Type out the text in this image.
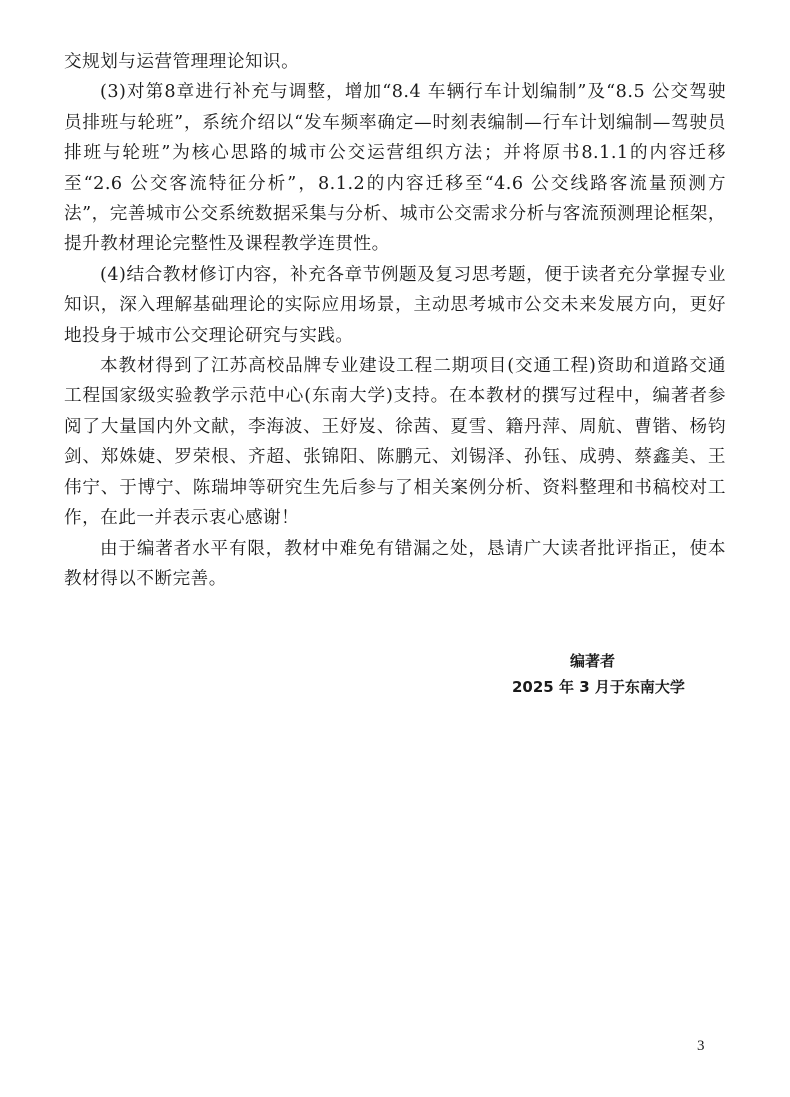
交规划与运营管理理论知识。

(3)对第8章进行补充与调整，增加“8.4 车辆行车计划编制”及“8.5 公交驾驶员排班与轮班”，系统介绍以“发车频率确定—时刻表编制—行车计划编制—驾驶员排班与轮班”为核心思路的城市公交运营组织方法；并将原书8.1.1的内容迁移至“2.6 公交客流特征分析”，8.1.2的内容迁移至“4.6 公交线路客流量预测方法”，完善城市公交系统数据采集与分析、城市公交需求分析与客流预测理论框架，提升教材理论完整性及课程教学连贯性。

(4)结合教材修订内容，补充各章节例题及复习思考题，便于读者充分掌握专业知识，深入理解基础理论的实际应用场景，主动思考城市公交未来发展方向，更好地投身于城市公交理论研究与实践。

本教材得到了江苏高校品牌专业建设工程二期项目(交通工程)资助和道路交通工程国家级实验教学示范中心(东南大学)支持。在本教材的撰写过程中，编著者参阅了大量国内外文献，李海波、王妤岌、徐茜、夏雪、籍丹萍、周航、曹锴、杨钧剑、郑姝婕、罗荣根、齐超、张锦阳、陈鹏元、刘锡泽、孙钰、成骋、蔡鑫美、王伟宁、于博宁、陈瑞坤等研究生先后参与了相关案例分析、资料整理和书稿校对工作，在此一并表示衷心感谢！

由于编著者水平有限，教材中难免有错漏之处，恳请广大读者批评指正，使本教材得以不断完善。

编著者
2025 年 3 月于东南大学
3
